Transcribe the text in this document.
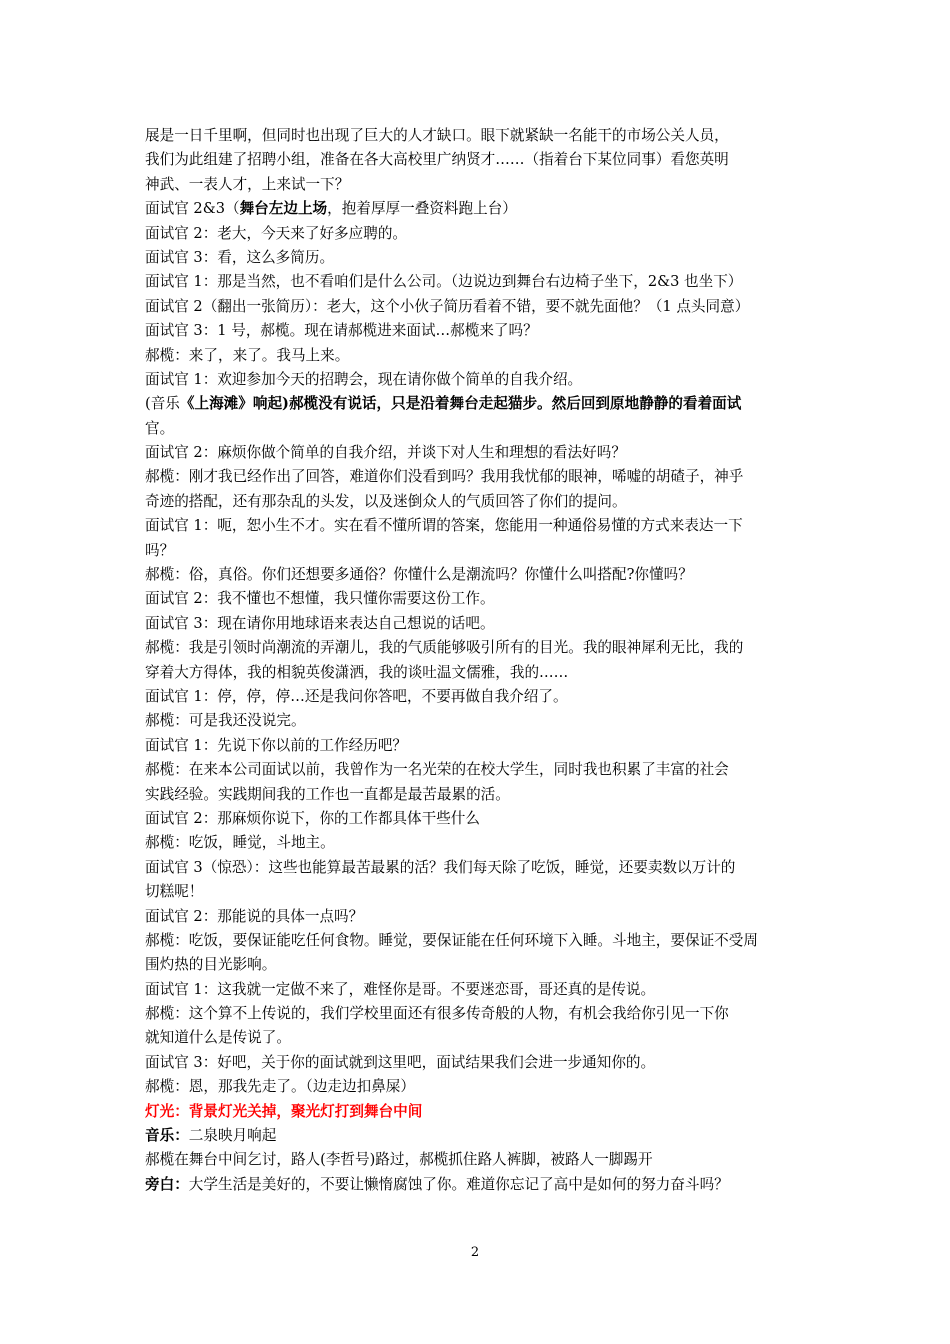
展是一日千里啊，但同时也出现了巨大的人才缺口。眼下就紧缺一名能干的市场公关人员，
我们为此组建了招聘小组，准备在各大高校里广纳贤才……（指着台下某位同事）看您英明
神武、一表人才，上来试一下？
面试官 2&3（舞台左边上场，抱着厚厚一叠资料跑上台）
面试官 2：老大，今天来了好多应聘的。
面试官 3：看，这么多简历。
面试官 1：那是当然，也不看咱们是什么公司。（边说边到舞台右边椅子坐下，2&3 也坐下）
面试官 2（翻出一张简历）：老大，这个小伙子简历看着不错，要不就先面他？（1 点头同意）
面试官 3：1 号，郝榄。现在请郝榄进来面试…郝榄来了吗？
郝榄：来了，来了。我马上来。
面试官 1：欢迎参加今天的招聘会，现在请你做个简单的自我介绍。
(音乐《上海滩》响起)郝榄没有说话，只是沿着舞台走起猫步。然后回到原地静静的看着面试
官。
面试官 2：麻烦你做个简单的自我介绍，并谈下对人生和理想的看法好吗？
郝榄：刚才我已经作出了回答，难道你们没看到吗？我用我忧郁的眼神，唏嘘的胡碴子，神乎
奇迹的搭配，还有那杂乱的头发，以及迷倒众人的气质回答了你们的提问。
面试官 1：呃，恕小生不才。实在看不懂所谓的答案，您能用一种通俗易懂的方式来表达一下
吗？
郝榄：俗，真俗。你们还想要多通俗？你懂什么是潮流吗？你懂什么叫搭配?你懂吗？
面试官 2：我不懂也不想懂，我只懂你需要这份工作。
面试官 3：现在请你用地球语来表达自己想说的话吧。
郝榄：我是引领时尚潮流的弄潮儿，我的气质能够吸引所有的目光。我的眼神犀利无比，我的
穿着大方得体，我的相貌英俊潇洒，我的谈吐温文儒雅，我的……
面试官 1：停，停，停…还是我问你答吧，不要再做自我介绍了。
郝榄：可是我还没说完。
面试官 1：先说下你以前的工作经历吧？
郝榄：在来本公司面试以前，我曾作为一名光荣的在校大学生，同时我也积累了丰富的社会
实践经验。实践期间我的工作也一直都是最苦最累的活。
面试官 2：那麻烦你说下，你的工作都具体干些什么
郝榄：吃饭，睡觉，斗地主。
面试官 3（惊恐）：这些也能算最苦最累的活？我们每天除了吃饭，睡觉，还要卖数以万计的
切糕呢！
面试官 2：那能说的具体一点吗？
郝榄：吃饭，要保证能吃任何食物。睡觉，要保证能在任何环境下入睡。斗地主，要保证不受周
围灼热的目光影响。
面试官 1：这我就一定做不来了，难怪你是哥。不要迷恋哥，哥还真的是传说。
郝榄：这个算不上传说的，我们学校里面还有很多传奇般的人物，有机会我给你引见一下你
就知道什么是传说了。
面试官 3：好吧，关于你的面试就到这里吧，面试结果我们会进一步通知你的。
郝榄：恩，那我先走了。（边走边扣鼻屎）
灯光：背景灯光关掉，聚光灯打到舞台中间
音乐：二泉映月响起
郝榄在舞台中间乞讨，路人(李哲号)路过，郝榄抓住路人裤脚，被路人一脚踢开
旁白：大学生活是美好的，不要让懒惰腐蚀了你。难道你忘记了高中是如何的努力奋斗吗？
2
